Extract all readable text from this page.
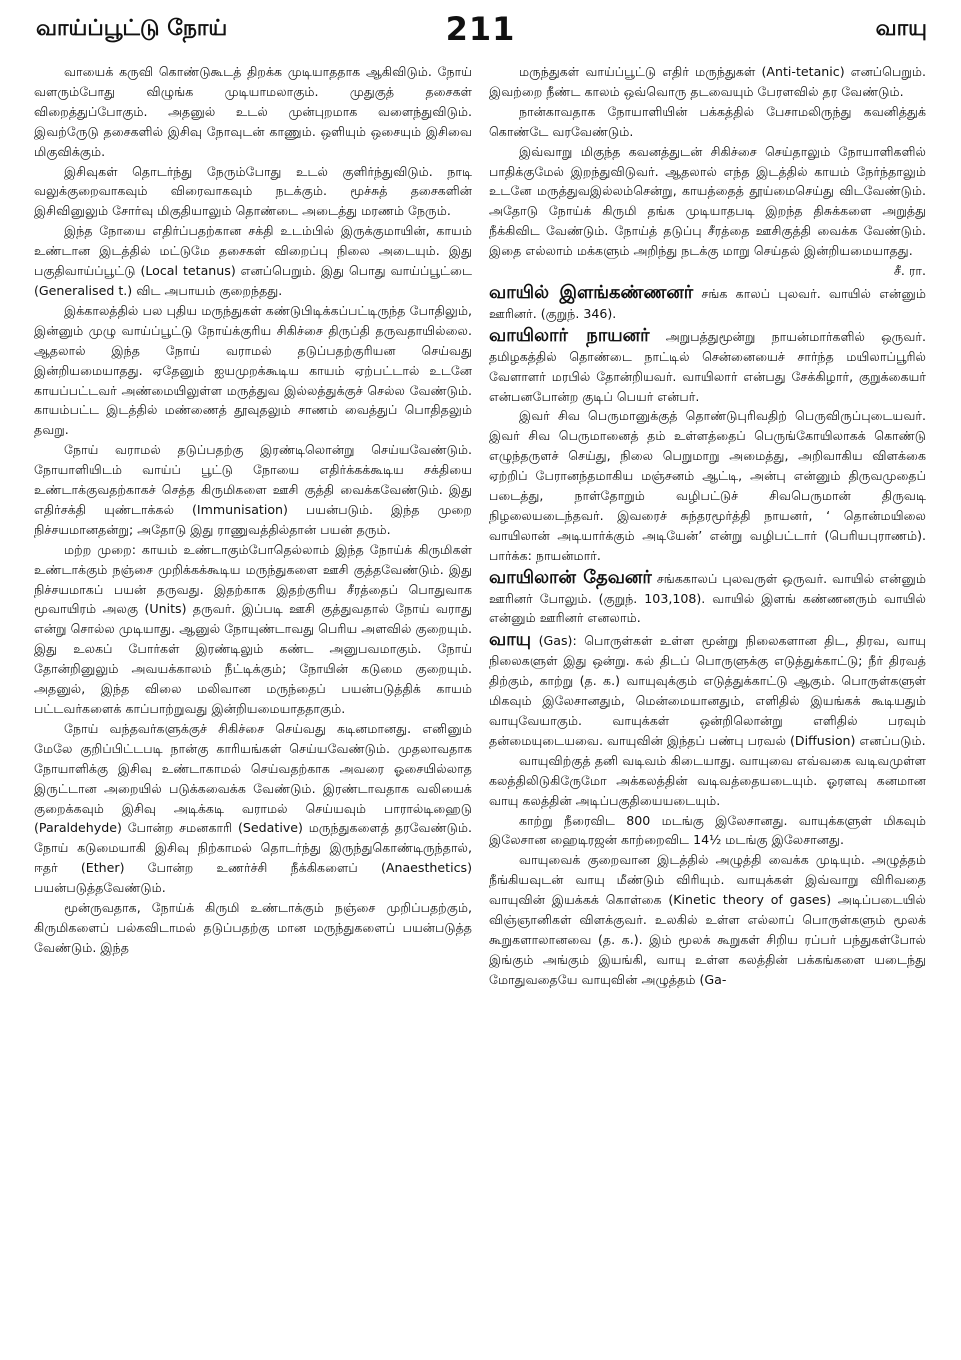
வாய்ப்பூட்டு நோய்	211	வாயு

வாயைக் கருவி கொண்டுகூடத் திறக்க முடியாததாக ஆகிவிடும். நோய் வளரும்போது விழுங்க முடியாமலாகும். முதுகுத் தசைகள் விறைத்துப்போகும். அதனுல் உடல் முன்புறமாக வளைந்துவிடும். இவற்ருேடு தசைகளில் இசிவு நோவுடன் காணும். ஒளியும் ஒசையும் இசிவை மிகுவிக்கும்.

இசிவுகள் தொடர்ந்து நேரும்போது உடல் குளிர்ந்துவிடும். நாடி வலுக்குறைவாகவும் விரைவாகவும் நடக்கும். மூச்சுத் தசைகளின் இசிவினுலும் சோர்வு மிகுதியாலும் தொண்டை அடைத்து மரணம் நேரும்.

இந்த நோயை எதிர்ப்பதற்கான சக்தி உடம்பில் இருக்குமாயின், காயம் உண்டான இடத்தில் மட்டுமே தசைகள் விறைப்பு நிலை அடையும். இது பகுதிவாய்ப்பூட்டு (Local tetanus) எனப்பெறும். இது பொது வாய்ப்பூட்டை (Generalised t.) விட அபாயம் குறைந்தது.

இக்காலத்தில் பல புதிய மருந்துகள் கண்டுபிடிக்கப்பட்டிருந்த போதிலும், இன்னும் முழு வாய்ப்பூட்டு நோய்க்குரிய சிகிச்சை திருப்தி தருவதாயில்லை. ஆதலால் இந்த நோய் வராமல் தடுப்பதற்குரியன செய்வது இன்றியமையாதது. ஏதேனும் ஐயமுறக்கூடிய காயம் ஏற்பட்டால் உடனே காயப்பட்டவர் அண்மையிலுள்ள மருத்துவ இல்லத்துக்குச் செல்ல வேண்டும். காயம்பட்ட இடத்தில் மண்ணைத் தூவுதலும் சாணம் வைத்துப் பொதிதலும் தவறு.

நோய் வராமல் தடுப்பதற்கு இரண்டிலொன்று செய்யவேண்டும். நோயாளியிடம் வாய்ப் பூட்டு நோயை எதிர்க்கக்கூடிய சக்தியை உண்டாக்குவதற்காகச் செத்த கிருமிகளை ஊசி குத்தி வைக்கவேண்டும். இது எதிர்சக்தி யுண்டாக்கல் (Immunisation) பயன்படும். இந்த முறை நிச்சயமானதன்று; அதோடு இது ராணுவத்தில்தான் பயன் தரும்.

மற்ற முறை: காயம் உண்டாகும்போதெல்லாம் இந்த நோய்க் கிருமிகள் உண்டாக்கும் நஞ்சை முறிக்கக்கூடிய மருந்துகளை ஊசி குத்தவேண்டும். இது நிச்சயமாகப் பயன் தருவது. இதற்காக இதற்குரிய சீரத்தைப் பொதுவாக மூவாயிரம் அலகு (Units) தருவர். இப்படி ஊசி குத்துவதால் நோய் வராது என்று சொல்ல முடியாது. ஆனுல் நோயுண்டாவது பெரிய அளவில் குறையும். இது உலகப் போர்கள் இரண்டிலும் கண்ட அனுபவமாகும். நோய் தோன்றினுலும் அவயக்காலம் நீட்டிக்கும்; நோயின் கடுமை குறையும். அதனுல், இந்த விலை மலிவான மருந்தைப் பயன்படுத்திக் காயம் பட்டவர்களைக் காப்பாற்றுவது இன்றியமையாததாகும்.

நோய் வந்தவர்களுக்குச் சிகிச்சை செய்வது கடினமானது. எனினும் மேலே குறிப்பிட்டபடி நான்கு காரியங்கள் செய்யவேண்டும். முதலாவதாக நோயாளிக்கு இசிவு உண்டாகாமல் செய்வதற்காக அவரை ஓசையில்லாத இருட்டான அறையில் படுக்கவைக்க வேண்டும். இரண்டாவதாக வலியைக் குறைக்கவும் இசிவு அடிக்கடி வராமல் செய்யவும் பாரால்டிஹைடு (Paraldehyde) போன்ற சமனகாரி (Sedative) மருந்துகளைத் தரவேண்டும். நோய் கடுமையாகி இசிவு நிற்காமல் தொடர்ந்து இருந்துகொண்டிருந்தால், ஈதர் (Ether) போன்ற உணர்ச்சி நீக்கிகளைப் (Anaesthetics) பயன்படுத்தவேண்டும்.

மூன்ருவதாக, நோய்க் கிருமி உண்டாக்கும் நஞ்சை முறிப்பதற்கும், கிருமிகளைப் பல்கவிடாமல் தடுப்பதற்கு மான மருந்துகளைப் பயன்படுத்த வேண்டும். இந்த

மருந்துகள் வாய்ப்பூட்டு எதிர் மருந்துகள் (Anti-tetanic) எனப்பெறும். இவற்றை நீண்ட காலம் ஒவ்வொரு தடவையும் பேரளவில் தர வேண்டும்.

நான்காவதாக நோயாளியின் பக்கத்தில் பேசாமலிருந்து கவனித்துக் கொண்டே வரவேண்டும்.

இவ்வாறு மிகுந்த கவனத்துடன் சிகிச்சை செய்தாலும் நோயாளிகளில் பாதிக்குமேல் இறந்துவிடுவர். ஆதலால் எந்த இடத்தில் காயம் நேர்ந்தாலும் உடனே மருத்துவஇல்லம்சென்று, காயத்தைத் தூய்மைசெய்து விடவேண்டும். அதோடு நோய்க் கிருமி தங்க முடியாதபடி இறந்த திசுக்களை அறுத்து நீக்கிவிட வேண்டும். நோய்த் தடுப்பு சீரத்தை ஊசிகுத்தி வைக்க வேண்டும். இதை எல்லாம் மக்களும் அறிந்து நடக்கு மாறு செய்தல் இன்றியமையாதது.

சீ. ரா.

வாயில் இளங்கண்ணனர் சங்க காலப் புலவர். வாயில் என்னும் ஊரினர். (குறுந். 346).

வாயிலார் நாயனர் அறுபத்துமூன்று நாயன்மார்களில் ஒருவர். தமிழகத்தில் தொண்டை நாட்டில் சென்னையைச் சார்ந்த மயிலாப்பூரில் வேளாளர் மரபில் தோன்றியவர். வாயிலார் என்பது சேக்கிழார், குறுக்கையர் என்பனபோன்ற குடிப் பெயர் என்பர்.

இவர் சிவ பெருமானுக்குத் தொண்டுபுரிவதிற் பெருவிருப்புடையவர். இவர் சிவ பெருமானைத் தம் உள்ளத்தைப் பெருங்கோயிலாகக் கொண்டு எழுந்தருளச் செய்து, நிலை பெறுமாறு அமைத்து, அறிவாகிய விளக்கை ஏற்றிப் பேரானந்தமாகிய மஞ்சனம் ஆட்டி, அன்பு என்னும் திருவமுதைப் படைத்து, நாள்தோறும் வழிபட்டுச் சிவபெருமான் திருவடி நிழலையடைந்தவர். இவரைச் சுந்தரமூர்த்தி நாயனர், ‘ தொன்மயிலை வாயிலான் அடியார்க்கும் அடியேன்’ என்று வழிபட்டார் (பெரியபுராணம்). பார்க்க: நாயன்மார்.

வாயிலான் தேவனர் சங்ககாலப் புலவருள் ஒருவர். வாயில் என்னும் ஊரினர் போலும். (குறுந். 103,108). வாயில் இளங் கண்ணனரும் வாயில் என்னும் ஊரினர் எனலாம்.

வாயு (Gas): பொருள்கள் உள்ள மூன்று நிலைகளான திட, திரவ, வாயு நிலைகளுள் இது ஒன்று. கல் திடப் பொருளுக்கு எடுத்துக்காட்டு; நீர் திரவத் திற்கும், காற்று (த. க.) வாயுவுக்கும் எடுத்துக்காட்டு ஆகும். பொருள்களுள் மிகவும் இலேசானதும், மென்மையானதும், எளிதில் இயங்கக் கூடியதும் வாயுவேயாகும். வாயுக்கள் ஒன்றிலொன்று எளிதில் பரவும் தன்மையுடையவை. வாயுவின் இந்தப் பண்பு பரவல் (Diffusion) எனப்படும்.

வாயுவிற்குத் தனி வடிவம் கிடையாது. வாயுவை எவ்வகை வடிவமுள்ள கலத்திலிடுகிருேமோ அக்கலத்தின் வடிவத்தையடையும். ஓரளவு கனமான வாயு கலத்தின் அடிப்பகுதியையடையும்.

காற்று நீரைவிட 800 மடங்கு இலேசானது. வாயுக்களுள் மிகவும் இலேசான ஹைடிரஜன் காற்றைவிட 14½ மடங்கு இலேசானது.

வாயுவைக் குறைவான இடத்தில் அழுத்தி வைக்க முடியும். அழுத்தம் நீங்கியவுடன் வாயு மீண்டும் விரியும். வாயுக்கள் இவ்வாறு விரிவதை வாயுவின் இயக்கக் கொள்கை (Kinetic theory of gases) அடிப்படையில் விஞ்ஞானிகள் விளக்குவர். உலகில் உள்ள எல்லாப் பொருள்களும் மூலக் கூறுகளாலானவை (த. க.). இம் மூலக் கூறுகள் சிறிய ரப்பர் பந்துகள்போல் இங்கும் அங்கும் இயங்கி, வாயு உள்ள கலத்தின் பக்கங்களை யடைந்து மோதுவதையே வாயுவின் அழுத்தம் (Ga-
